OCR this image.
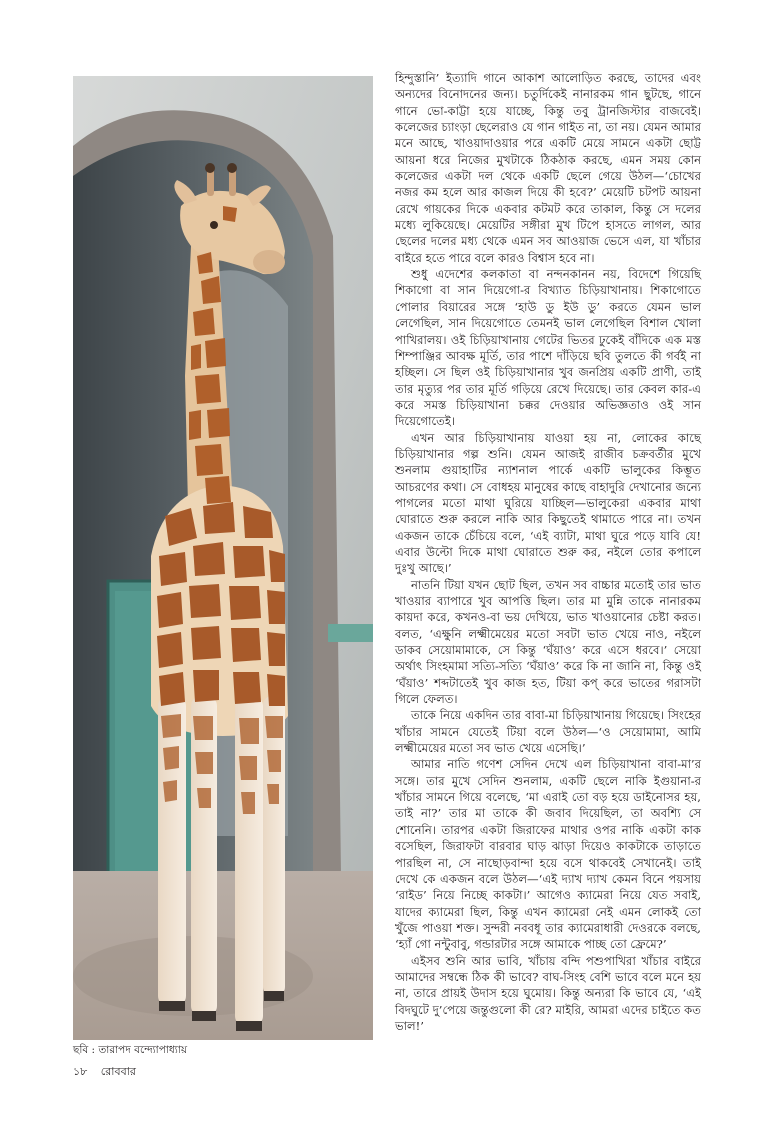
ছবি : তারাপদ বন্দ্যোপাধ্যায়

হিন্দুস্তানি’ ইত্যাদি গানে আকাশ আলোড়িত করছে, তাদের এবং অন্যদের বিনোদনের জন্য। চতুর্দিকেই নানারকম গান ছুটছে, গানে গানে ভো-কাট্টা হয়ে যাচ্ছে, কিন্তু তবু ট্রানজিস্টার বাজবেই। কলেজের চ্যাংড়া ছেলেরাও যে গান গাইত না, তা নয়। যেমন আমার মনে আছে, খাওয়াদাওয়ার পরে একটি মেয়ে সামনে একটা ছোট্ট আয়না ধরে নিজের মুখটাকে ঠিকঠাক করছে, এমন সময় কোন কলেজের একটা দল থেকে একটি ছেলে গেয়ে উঠল—‘চোখের নজর কম হলে আর কাজল দিয়ে কী হবে?’ মেয়েটি চটপট আয়না রেখে গায়কের দিকে একবার কটমট করে তাকাল, কিন্তু সে দলের মধ্যে লুকিয়েছে। মেয়েটির সঙ্গীরা মুখ টিপে হাসতে লাগল, আর ছেলের দলের মধ্য থেকে এমন সব আওয়াজ ভেসে এল, যা খাঁচার বাইরে হতে পারে বলে কারও বিশ্বাস হবে না।

শুধু এদেশের কলকাতা বা নন্দনকানন নয়, বিদেশে গিয়েছি শিকাগো বা সান দিয়েগো-র বিখ্যাত চিড়িয়াখানায়। শিকাগোতে পোলার বিয়ারের সঙ্গে ‘হাউ ডু ইউ ডু’ করতে যেমন ভাল লেগেছিল, সান দিয়েগোতে তেমনই ভাল লেগেছিল বিশাল খোলা পাখিরালয়। ওই চিড়িয়াখানায় গেটের ভিতর ঢুকেই বাঁদিকে এক মস্ত শিম্পাঞ্জির আবক্ষ মূর্তি, তার পাশে দাঁড়িয়ে ছবি তুলতে কী গর্বই না হচ্ছিল। সে ছিল ওই চিড়িয়াখানার খুব জনপ্রিয় একটি প্রাণী, তাই তার মৃত্যুর পর তার মূর্তি গড়িয়ে রেখে দিয়েছে। তার কেবল কার-এ করে সমস্ত চিড়িয়াখানা চক্কর দেওয়ার অভিজ্ঞতাও ওই সান দিয়েগোতেই।

এখন আর চিড়িয়াখানায় যাওয়া হয় না, লোকের কাছে চিড়িয়াখানার গল্প শুনি। যেমন আজই রাজীব চক্রবর্তীর মুখে শুনলাম গুয়াহাটির ন্যাশনাল পার্কে একটি ভালুকের কিম্ভূত আচরণের কথা। সে বোধহয় মানুষের কাছে বাহাদুরি দেখানোর জন্যে পাগলের মতো মাথা ঘুরিয়ে যাচ্ছিল—ভালুকেরা একবার মাথা ঘোরাতে শুরু করলে নাকি আর কিছুতেই থামাতে পারে না। তখন একজন তাকে চেঁচিয়ে বলে, ‘এই ব্যাটা, মাথা ঘুরে পড়ে যাবি যে! এবার উল্টো দিকে মাথা ঘোরাতে শুরু কর, নইলে তোর কপালে দুঃখু আছে।’

নাতনি টিয়া যখন ছোট ছিল, তখন সব বাচ্চার মতোই তার ভাত খাওয়ার ব্যাপারে খুব আপত্তি ছিল। তার মা মুন্নি তাকে নানারকম কায়দা করে, কখনও-বা ভয় দেখিয়ে, ভাত খাওয়ানোর চেষ্টা করত। বলত, ‘এক্ষুনি লক্ষ্মীমেয়ের মতো সবটা ভাত খেয়ে নাও, নইলে ডাকব সেয়োমামাকে, সে কিন্তু ‘ঘঁয়াও’ করে এসে ধরবে।’ সেয়ো অর্থাৎ সিংহমামা সত্যি-সত্যি ‘ঘঁয়াও’ করে কি না জানি না, কিন্তু ওই ‘ঘঁয়াও’ শব্দটাতেই খুব কাজ হত, টিয়া কপ্‌ করে ভাতের গরাসটা গিলে ফেলত।

তাকে নিয়ে একদিন তার বাবা-মা চিড়িয়াখানায় গিয়েছে। সিংহের খাঁচার সামনে যেতেই টিয়া বলে উঠল—‘ও সেয়োমামা, আমি লক্ষ্মীমেয়ের মতো সব ভাত খেয়ে এসেছি।’

আমার নাতি গণেশ সেদিন দেখে এল চিড়িয়াখানা বাবা-মা’র সঙ্গে। তার মুখে সেদিন শুনলাম, একটি ছেলে নাকি ইগুয়ানা-র খাঁচার সামনে গিয়ে বলেছে, ‘মা এরাই তো বড় হয়ে ডাইনোসর হয়, তাই না?’ তার মা তাকে কী জবাব দিয়েছিল, তা অবশ্যি সে শোনেনি। তারপর একটা জিরাফের মাথার ওপর নাকি একটা কাক বসেছিল, জিরাফটা বারবার ঘাড় ঝাড়া দিয়েও কাকটাকে তাড়াতে পারছিল না, সে নাছোড়বান্দা হয়ে বসে থাকবেই সেখানেই। তাই দেখে কে একজন বলে উঠল—‘এই দ্যাখ দ্যাখ কেমন বিনে পয়সায় ‘রাইড’ নিয়ে নিচ্ছে কাকটা।’ আগেও ক্যামেরা নিয়ে যেত সবাই, যাদের ক্যামেরা ছিল, কিন্তু এখন ক্যামেরা নেই এমন লোকই তো খুঁজে পাওয়া শক্ত। সুন্দরী নববধূ তার ক্যামেরাধারী দেওরকে বলছে, ‘হ্যাঁ গো নন্টুবাবু, গন্ডারটার সঙ্গে আমাকে পাচ্ছ তো ফ্রেমে?’

এইসব শুনি আর ভাবি, খাঁচায় বন্দি পশুপাখিরা খাঁচার বাইরে আমাদের সম্বন্ধে ঠিক কী ভাবে? বাঘ-সিংহ বেশি ভাবে বলে মনে হয় না, তারে প্রায়ই উদাস হয়ে ঘুমোয়। কিন্তু অন্যরা কি ভাবে যে, ‘এই বিদঘুটে দু’পেয়ে জন্তুগুলো কী রে? মাইরি, আমরা এদের চাইতে কত ভাল!’

১৮ রোববার
